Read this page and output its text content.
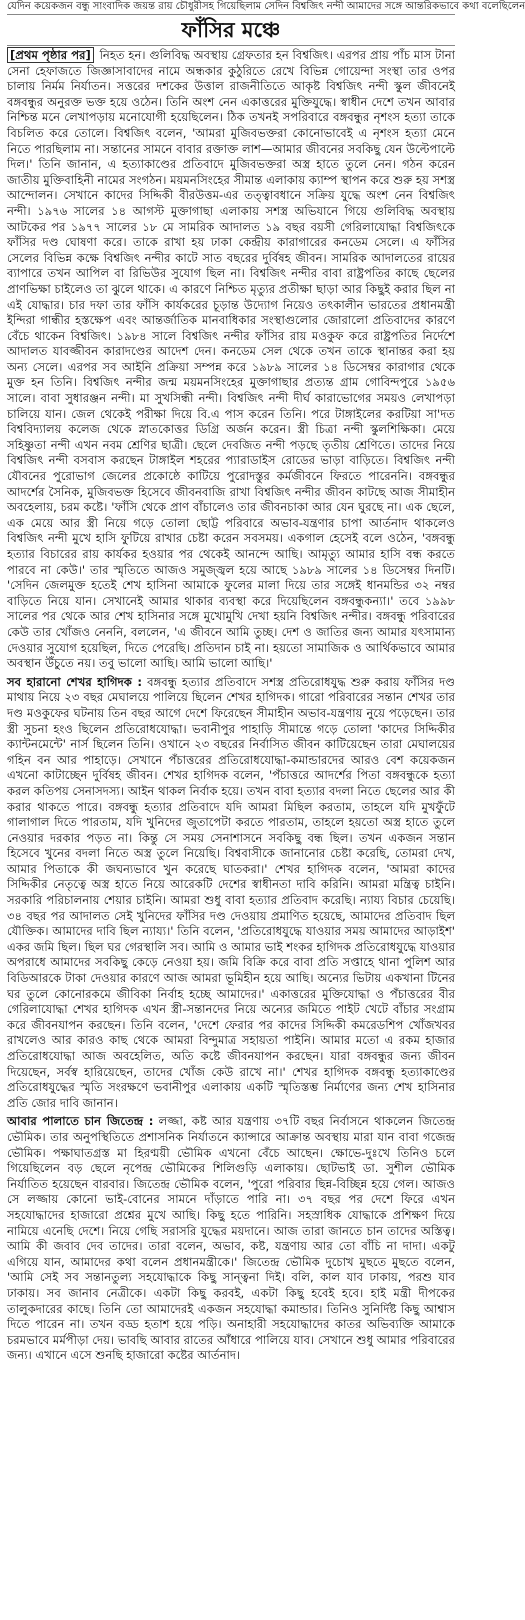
যেদিন কয়েকজন বন্ধু সাংবাদিক জয়ন্ত রায় চৌধুরীসহ গিয়েছিলাম সেদিন বিশ্বজিৎ নন্দী আমাদের সঙ্গে আন্তরিকভাবে কথা বলেছিলেন
ফাঁসির মঞ্চে

[প্রথম পৃষ্ঠার পর] নিহত হন। গুলিবিদ্ধ অবস্থায় গ্রেফতার হন বিশ্বজিৎ। এরপর প্রায় পাঁচ মাস টানা সেনা হেফাজতে জিজ্ঞাসাবাদের নামে অন্ধকার কুঠুরিতে রেখে বিভিন্ন গোয়েন্দা সংস্থা তার ওপর চালায় নির্মম নির্যাতন। সত্তরের দশকের উত্তাল রাজনীতিতে আকৃষ্ট বিশ্বজিৎ নন্দী স্কুল জীবনেই বঙ্গবন্ধুর অনুরক্ত ভক্ত হয়ে ওঠেন। তিনি অংশ নেন একাত্তরের মুক্তিযুদ্ধে। স্বাধীন দেশে তখন আবার নিশ্চিন্ত মনে লেখাপড়ায় মনোযোগী হয়েছিলেন। ঠিক তখনই সপরিবারে বঙ্গবন্ধুর নৃশংস হত্যা তাকে বিচলিত করে তোলে। বিশ্বজিৎ বলেন, 'আমরা মুজিবভক্তরা কোনোভাবেই এ নৃশংস হত্যা মেনে নিতে পারছিলাম না। সন্তানের সামনে বাবার রক্তাক্ত লাশ—আমার জীবনের সবকিছু যেন উল্টেপাল্টে দিল।' তিনি জানান, এ হত্যাকাণ্ডের প্রতিবাদে মুজিবভক্তরা অস্ত্র হাতে তুলে নেন। গঠন করেন জাতীয় মুক্তিবাহিনী নামের সংগঠন। ময়মনসিংহের সীমান্ত এলাকায় ক্যাম্প স্থাপন করে শুরু হয় সশস্ত্র আন্দোলন। সেখানে কাদের সিদ্দিকী বীরউত্তম-এর তত্ত্বাবধানে সক্রিয় যুদ্ধে অংশ নেন বিশ্বজিৎ নন্দী। ১৯৭৬ সালের ১৪ আগস্ট মুক্তাগাছা এলাকায় সশস্ত্র অভিযানে গিয়ে গুলিবিদ্ধ অবস্থায় আটকের পর ১৯৭৭ সালের ১৮ মে সামরিক আদালত ১৯ বছর বয়সী গেরিলাযোদ্ধা বিশ্বজিৎকে ফাঁসির দণ্ড ঘোষণা করে। তাকে রাখা হয় ঢাকা কেন্দ্রীয় কারাগারের কনডেম সেলে। এ ফাঁসির সেলের বিভিন্ন কক্ষে বিশ্বজিৎ নন্দীর কাটে সাত বছরের দুর্বিষহ জীবন। সামরিক আদালতের রায়ের ব্যাপারে তখন আপিল বা রিভিউর সুযোগ ছিল না। বিশ্বজিৎ নন্দীর বাবা রাষ্ট্রপতির কাছে ছেলের প্রাণভিক্ষা চাইলেও তা ঝুলে থাকে। এ কারণে নিশ্চিত মৃত্যুর প্রতীক্ষা ছাড়া আর কিছুই করার ছিল না এই যোদ্ধার। চার দফা তার ফাঁসি কার্যকরের চূড়ান্ত উদ্যোগ নিয়েও তৎকালীন ভারতের প্রধানমন্ত্রী ইন্দিরা গান্ধীর হস্তক্ষেপ এবং আন্তর্জাতিক মানবাধিকার সংস্থাগুলোর জোরালো প্রতিবাদের কারণে বেঁচে থাকেন বিশ্বজিৎ। ১৯৮৪ সালে বিশ্বজিৎ নন্দীর ফাঁসির রায় মওকুফ করে রাষ্ট্রপতির নির্দেশে আদালত যাবজ্জীবন কারাদণ্ডের আদেশ দেন। কনডেম সেল থেকে তখন তাকে স্থানান্তর করা হয় অন্য সেলে। এরপর সব আইনি প্রক্রিয়া সম্পন্ন করে ১৯৮৯ সালের ১৪ ডিসেম্বর কারাগার থেকে মুক্ত হন তিনি। বিশ্বজিৎ নন্দীর জন্ম ময়মনসিংহের মুক্তাগাছার প্রত্যন্ত গ্রাম গোবিন্দপুরে ১৯৫৬ সালে। বাবা সুধারঞ্জন নন্দী। মা সুখসিন্ধী নন্দী। বিশ্বজিৎ নন্দী দীর্ঘ কারাভোগের সময়ও লেখাপড়া চালিয়ে যান। জেল থেকেই পরীক্ষা দিয়ে বি.এ পাস করেন তিনি। পরে টাঙ্গাইলের করটিয়া সা'দত বিশ্ববিদ্যালয় কলেজ থেকে স্নাতকোত্তর ডিগ্রি অর্জন করেন। স্ত্রী চিত্রা নন্দী স্কুলশিক্ষিকা। মেয়ে সহিষ্ণুতা নন্দী এখন নবম শ্রেণির ছাত্রী। ছেলে দেবজিত নন্দী পড়ছে তৃতীয় শ্রেণিতে। তাদের নিয়ে বিশ্বজিৎ নন্দী বসবাস করছেন টাঙ্গাইল শহরের প্যারাডাইস রোডের ভাড়া বাড়িতে। বিশ্বজিৎ নন্দী যৌবনের পুরোভাগ জেলের প্রকোষ্ঠে কাটিয়ে পুরোদস্তুর কর্মজীবনে ফিরতে পারেননি। বঙ্গবন্ধুর আদর্শের সৈনিক, মুজিবভক্ত হিসেবে জীবনবাজি রাখা বিশ্বজিৎ নন্দীর জীবন কাটছে আজ সীমাহীন অবহেলায়, চরম কষ্টে। 'ফাঁসি থেকে প্রাণ বাঁচালেও তার জীবনচাকা আর যেন ঘুরছে না। এক ছেলে, এক মেয়ে আর স্ত্রী নিয়ে গড়ে তোলা ছোট্ট পরিবারে অভাব-যন্ত্রণার চাপা আর্তনাদ থাকলেও বিশ্বজিৎ নন্দী মুখে হাসি ফুটিয়ে রাখার চেষ্টা করেন সবসময়। একগাল হেসেই বলে ওঠেন, 'বঙ্গবন্ধু হত্যার বিচারের রায় কার্যকর হওয়ার পর থেকেই আনন্দে আছি। আমৃত্যু আমার হাসি বন্ধ করতে পারবে না কেউ।' তার স্মৃতিতে আজও সমুজ্জ্বল হয়ে আছে ১৯৮৯ সালের ১৪ ডিসেম্বর দিনটি। 'সেদিন জেলমুক্ত হতেই শেখ হাসিনা আমাকে ফুলের মালা দিয়ে তার সঙ্গেই ধানমন্ডির ৩২ নম্বর বাড়িতে নিয়ে যান। সেখানেই আমার থাকার ব্যবস্থা করে দিয়েছিলেন বঙ্গবন্ধুকন্যা।' তবে ১৯৯৮ সালের পর থেকে আর শেখ হাসিনার সঙ্গে মুখোমুখি দেখা হয়নি বিশ্বজিৎ নন্দীর। বঙ্গবন্ধু পরিবারের কেউ তার খোঁজও নেননি, বললেন, 'এ জীবনে আমি তুচ্ছ। দেশ ও জাতির জন্য আমার যৎসামান্য দেওয়ার সুযোগ হয়েছিল, দিতে পেরেছি। প্রতিদান চাই না। হয়তো সামাজিক ও আর্থিকভাবে আমার অবস্থান উঁচুতে নয়। তবু ভালো আছি। আমি ভালো আছি।'

সব হারানো শেখর হাগিদক : বঙ্গবন্ধু হত্যার প্রতিবাদে সশস্ত্র প্রতিরোধযুদ্ধ শুরু করায় ফাঁসির দণ্ড মাথায় নিয়ে ২৩ বছর মেঘালয়ে পালিয়ে ছিলেন শেখর হাগিদক। গারো পরিবারের সন্তান শেখর তার দণ্ড মওকুফের ঘটনায় তিন বছর আগে দেশে ফিরেছেন সীমাহীন অভাব-যন্ত্রণায় নুয়ে পড়েছেন। তার স্ত্রী সুচনা হংও ছিলেন প্রতিরোধযোদ্ধা। ভবানীপুর পাহাড়ি সীমান্তে গড়ে তোলা 'কাদের সিদ্দিকীর ক্যান্টনমেন্টে' নার্স ছিলেন তিনি। ওখানে ২৩ বছরের নির্বাসিত জীবন কাটিয়েছেন তারা মেঘালয়ের গহিন বন আর পাহাড়ে। সেখানে পঁচাত্তরের প্রতিরোধযোদ্ধা-কমান্ডারদের আরও বেশ কয়েকজন এখনো কাটাচ্ছেন দুর্বিষহ জীবন। শেখর হাগিদক বলেন, 'পঁচাত্তরে আদর্শের পিতা বঙ্গবন্ধুকে হত্যা করল কতিপয় সেনাসদস্য। আইন থাকল নির্বাক হয়ে। তখন বাবা হত্যার বদলা নিতে ছেলের আর কী করার থাকতে পারে। বঙ্গবন্ধু হত্যার প্রতিবাদে যদি আমরা মিছিল করতাম, তাহলে যদি মুখফুঁটে গালাগাল দিতে পারতাম, যদি খুনিদের জুতাপেটা করতে পারতাম, তাহলে হয়তো অস্ত্র হাতে তুলে নেওয়ার দরকার পড়ত না। কিন্তু সে সময় সেনাশাসনে সবকিছু বন্ধ ছিল। তখন একজন সন্তান হিসেবে খুনের বদলা নিতে অস্ত্র তুলে নিয়েছি। বিশ্ববাসীকে জানানোর চেষ্টা করেছি, তোমরা দেখ, আমার পিতাকে কী জঘন্যভাবে খুন করেছে ঘাতকরা।' শেখর হাগিদক বলেন, 'আমরা কাদের সিদ্দিকীর নেতৃত্বে অস্ত্র হাতে নিয়ে আরেকটি দেশের স্বাধীনতা দাবি করিনি। আমরা মন্ত্রিত্ব চাইনি। সরকারি পরিচালনায় শেয়ার চাইনি। আমরা শুধু বাবা হত্যার প্রতিবাদ করেছি। ন্যায্য বিচার চেয়েছি। ৩৪ বছর পর আদালত সেই খুনিদের ফাঁসির দণ্ড দেওয়ায় প্রমাণিত হয়েছে, আমাদের প্রতিবাদ ছিল যৌক্তিক। আমাদের দাবি ছিল ন্যায্য।' তিনি বলেন, 'প্রতিরোধযুদ্ধে যাওয়ার সময় আমাদের আড়াইশ' একর জমি ছিল। ছিল ঘর গেরস্থালি সব। আমি ও আমার ভাই শংকর হাগিদক প্রতিরোধযুদ্ধে যাওয়ার অপরাধে আমাদের সবকিছু কেড়ে নেওয়া হয়। জমি বিক্রি করে বাবা প্রতি সপ্তাহে থানা পুলিশ আর বিডিআরকে টাকা দেওয়ার কারণে আজ আমরা ভূমিহীন হয়ে আছি। অন্যের ভিটায় একখানা টিনের ঘর তুলে কোনোরকমে জীবিকা নির্বাহ হচ্ছে আমাদের।' একাত্তরের মুক্তিযোদ্ধা ও পঁচাত্তরের বীর গেরিলাযোদ্ধা শেখর হাগিদক এখন স্ত্রী-সন্তানদের নিয়ে অন্যের জমিতে পাইট খেটে বাঁচার সংগ্রাম করে জীবনযাপন করছেন। তিনি বলেন, 'দেশে ফেরার পর কাদের সিদ্দিকী কমরেডশিপ খোঁজখবর রাখলেও আর কারও কাছ থেকে আমরা বিন্দুমাত্র সহায়তা পাইনি। আমার মতো এ রকম হাজার প্রতিরোধযোদ্ধা আজ অবহেলিত, অতি কষ্টে জীবনযাপন করছেন। যারা বঙ্গবন্ধুর জন্য জীবন দিয়েছেন, সর্বস্ব হারিয়েছেন, তাদের খোঁজ কেউ রাখে না।' শেখর হাগিদক বঙ্গবন্ধু হত্যাকাণ্ডের প্রতিরোধযুদ্ধের স্মৃতি সংরক্ষণে ভবানীপুর এলাকায় একটি স্মৃতিস্তম্ভ নির্মাণের জন্য শেখ হাসিনার প্রতি জোর দাবি জানান।

আবার পালাতে চান জিতেন্দ্র : লজ্জা, কষ্ট আর যন্ত্রণায় ৩৭টি বছর নির্বাসনে থাকলেন জিতেন্দ্র ভৌমিক। তার অনুপস্থিতিতে প্রশাসনিক নির্যাতনে ক্যান্সারে আক্রান্ত অবস্থায় মারা যান বাবা গজেন্দ্র ভৌমিক। পক্ষাঘাতগ্রস্ত মা হিরণ্ময়ী ভৌমিক এখনো বেঁচে আছেন। ক্ষোভে-দুঃখে তিনিও চলে গিয়েছিলেন বড় ছেলে নৃপেন্দ্র ভৌমিকের শিলিগুড়ি এলাকায়। ছোটভাই ডা. সুশীল ভৌমিক নির্যাতিত হয়েছেন বারবার। জিতেন্দ্র ভৌমিক বলেন, 'পুরো পরিবার ছিন্ন-বিচ্ছিন্ন হয়ে গেল। আজও সে লজ্জায় কোনো ভাই-বোনের সামনে দাঁড়াতে পারি না। ৩৭ বছর পর দেশে ফিরে এখন সহযোদ্ধাদের হাজারো প্রশ্নের মুখে আছি। কিছু হতে পারিনি। সহস্রাধিক যোদ্ধাকে প্রশিক্ষণ দিয়ে নামিয়ে এনেছি দেশে। নিয়ে গেছি সরাসরি যুদ্ধের ময়দানে। আজ তারা জানতে চান তাদের অস্তিত্ব। আমি কী জবাব দেব তাদের। তারা বলেন, অভাব, কষ্ট, যন্ত্রণায় আর তো বাঁচি না দাদা। একটু এগিয়ে যান, আমাদের কথা বলেন প্রধানমন্ত্রীকে।' জিতেন্দ্র ভৌমিক দুচোখ মুছতে মুছতে বলেন, 'আমি সেই সব সন্তানতুল্য সহযোদ্ধাকে কিছু সান্ত্বনা দিই। বলি, কাল যাব ঢাকায়, পরশু যাব ঢাকায়। সব জানাব নেত্রীকে। একটা কিছু করবই, একটা কিছু হবেই হবে। হাই মন্ত্রী দীপকের তালুকদারের কাছে। তিনি তো আমাদেরই একজন সহযোদ্ধা কমান্ডার। তিনিও সুনির্দিষ্ট কিছু আশ্বাস দিতে পারেন না। তখন বড্ড হতাশ হয়ে পড়ি। অনাহারী সহযোদ্ধাদের কাতর অভিব্যক্তি আমাকে চরমভাবে মর্মপীড়া দেয়। ভাবছি আবার রাতের আঁধারে পালিয়ে যাব। সেখানে শুধু আমার পরিবারের জন্য। এখানে এসে শুনছি হাজারো কষ্টের আর্তনাদ।
